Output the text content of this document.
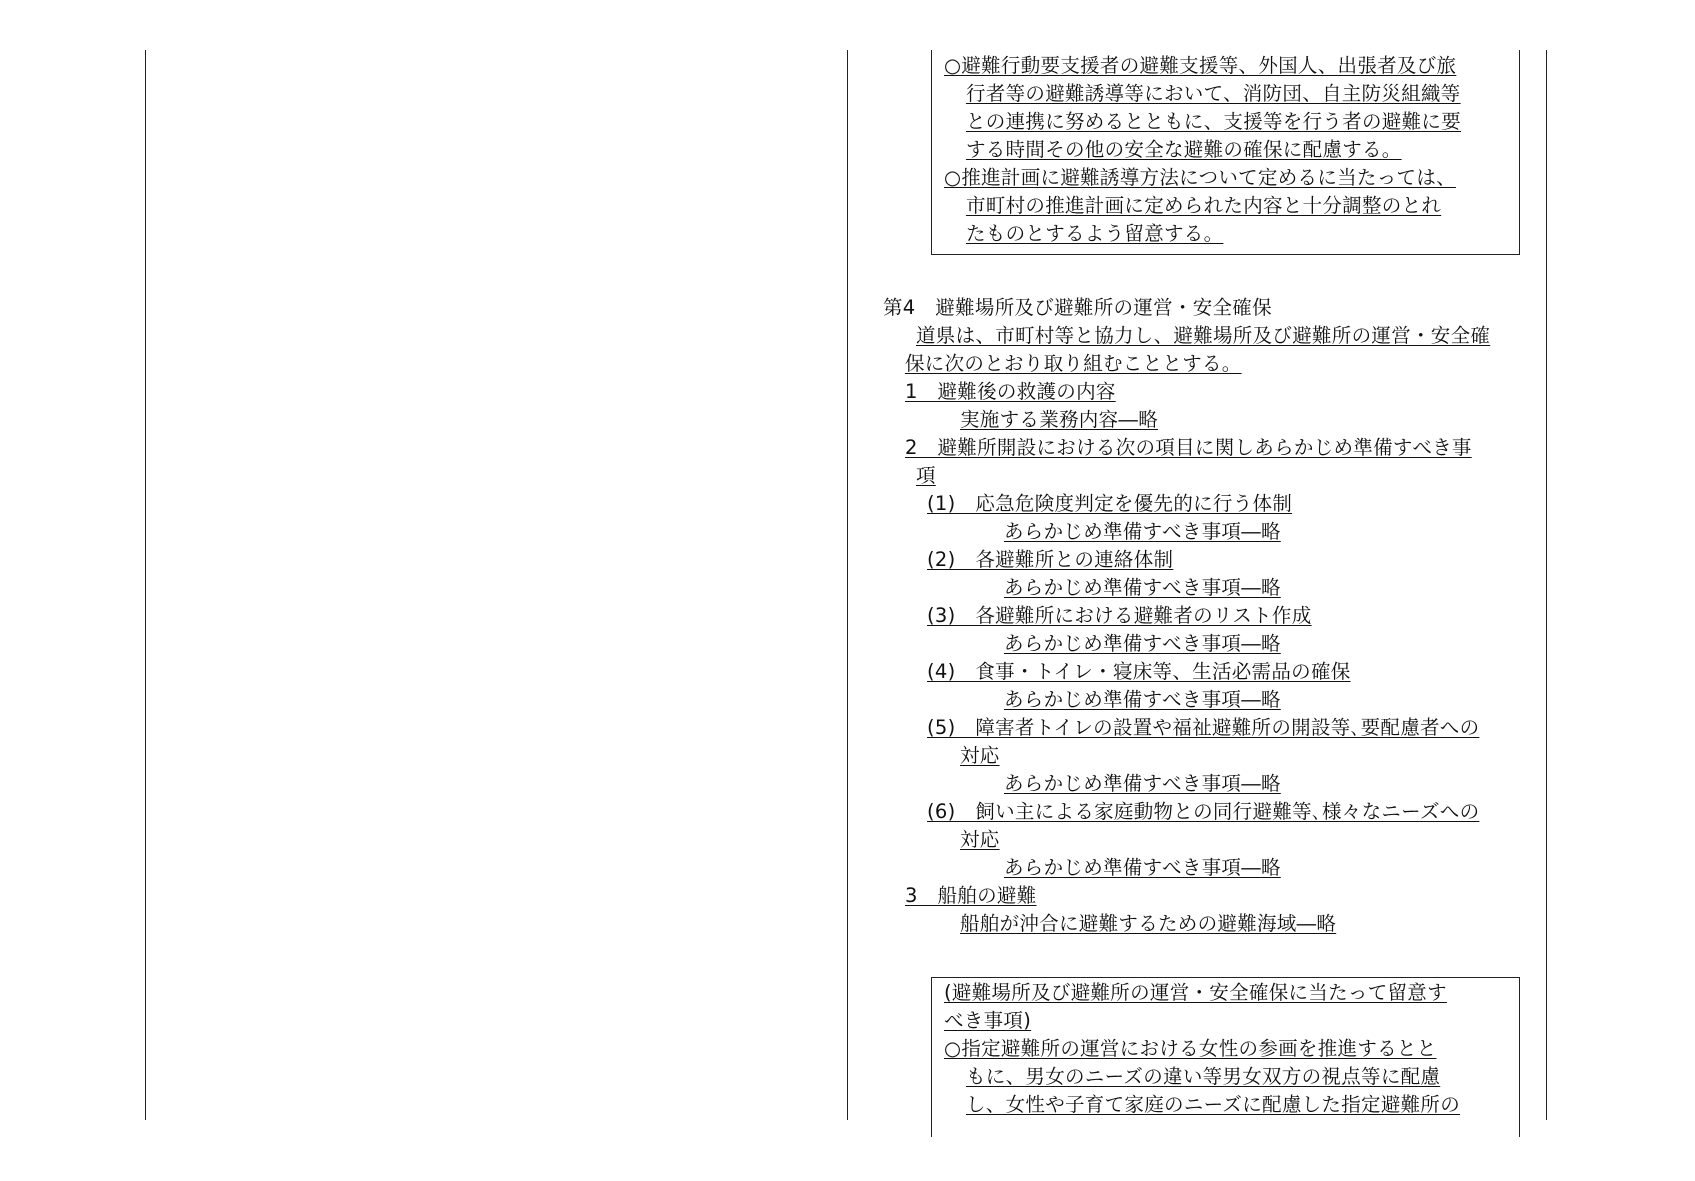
○避難行動要支援者の避難支援等、外国人、出張者及び旅
行者等の避難誘導等において、消防団、自主防災組織等
との連携に努めるとともに、支援等を行う者の避難に要
する時間その他の安全な避難の確保に配慮する。
○推進計画に避難誘導方法について定めるに当たっては、
市町村の推進計画に定められた内容と十分調整のとれ
たものとするよう留意する。
第4　避難場所及び避難所の運営・安全確保
道県は、市町村等と協力し、避難場所及び避難所の運営・安全確
保に次のとおり取り組むこととする。
1　避難後の救護の内容
実施する業務内容―略
2　避難所開設における次の項目に関しあらかじめ準備すべき事
項
(1)　応急危険度判定を優先的に行う体制
あらかじめ準備すべき事項―略
(2)　各避難所との連絡体制
あらかじめ準備すべき事項―略
(3)　各避難所における避難者のリスト作成
あらかじめ準備すべき事項―略
(4)　食事・トイレ・寝床等、生活必需品の確保
あらかじめ準備すべき事項―略
(5)　障害者トイレの設置や福祉避難所の開設等､要配慮者への
対応
あらかじめ準備すべき事項―略
(6)　飼い主による家庭動物との同行避難等､様々なニーズへの
対応
あらかじめ準備すべき事項―略
3　船舶の避難
船舶が沖合に避難するための避難海域―略
(避難場所及び避難所の運営・安全確保に当たって留意す
べき事項)
○指定避難所の運営における女性の参画を推進するとと
もに、男女のニーズの違い等男女双方の視点等に配慮
し、女性や子育て家庭のニーズに配慮した指定避難所の
